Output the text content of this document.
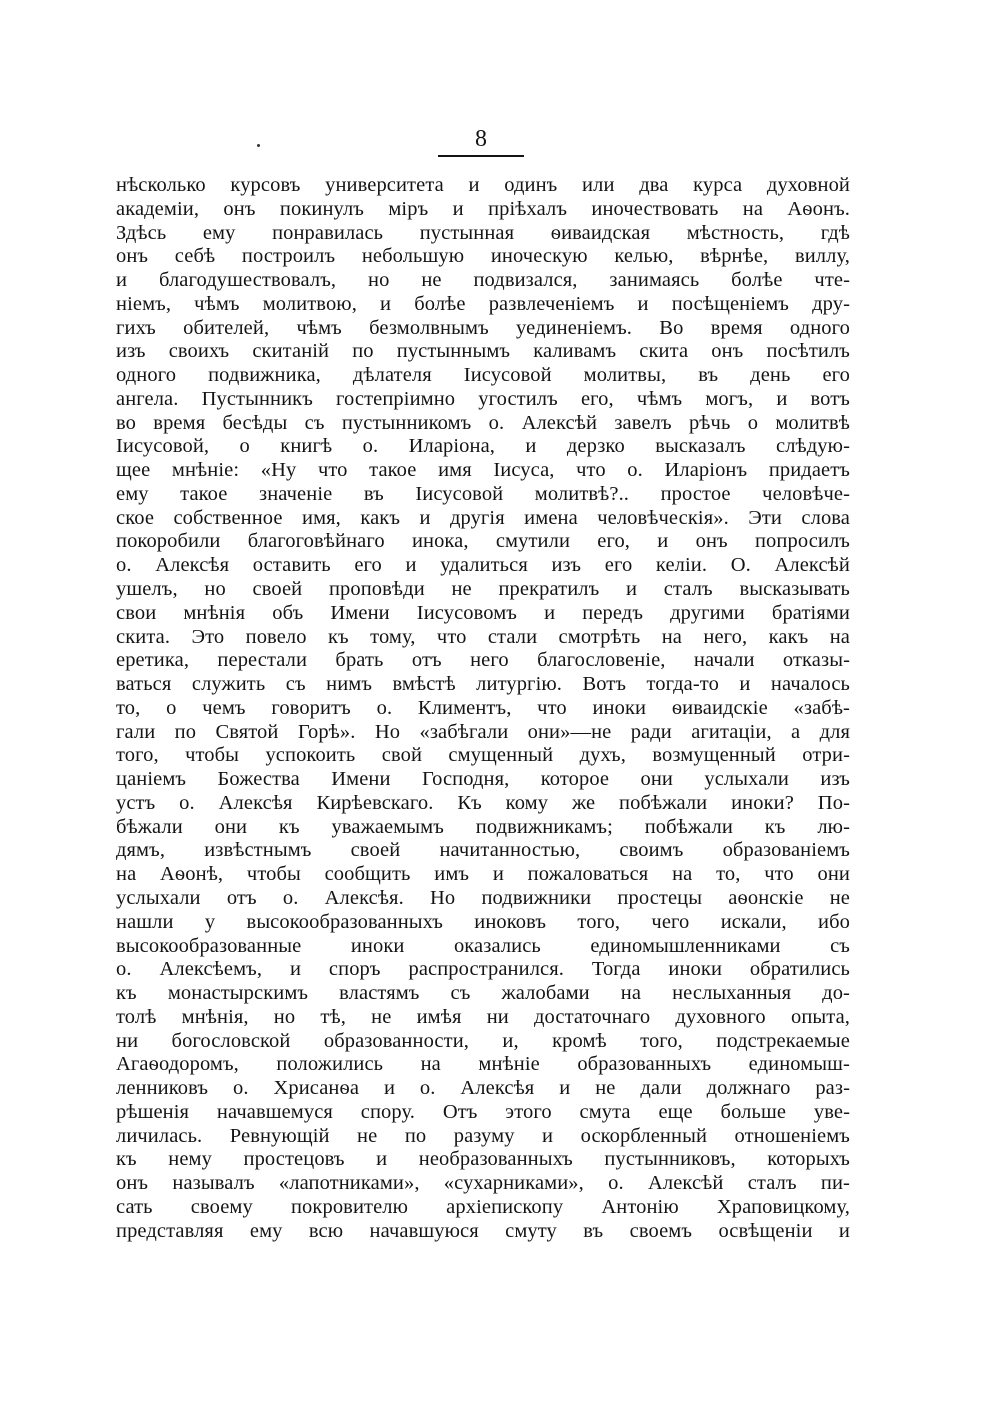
8
нѣсколько курсовъ университета и одинъ или два курса духовной
академіи, онъ покинулъ міръ и пріѣхалъ иночествовать на Аѳонъ.
Здѣсь ему понравилась пустынная ѳиваидская мѣстность, гдѣ
онъ себѣ построилъ небольшую иноческую келью, вѣрнѣе, виллу,
и благодушествовалъ, но не подвизался, занимаясь болѣе чте-
ніемъ, чѣмъ молитвою, и болѣе развлеченіемъ и посѣщеніемъ дру-
гихъ обителей, чѣмъ безмолвнымъ уединеніемъ. Во время одного
изъ своихъ скитаній по пустыннымъ каливамъ скита онъ посѣтилъ
одного подвижника, дѣлателя Іисусовой молитвы, въ день его
ангела. Пустынникъ гостепріимно угостилъ его, чѣмъ могъ, и вотъ
во время бесѣды съ пустынникомъ о. Алексѣй завелъ рѣчь о молитвѣ
Іисусовой, о книгѣ о. Иларіона, и дерзко высказалъ слѣдую-
щее мнѣніе: «Ну что такое имя Іисуса, что о. Иларіонъ придаетъ
ему такое значеніе въ Іисусовой молитвѣ?.. простое человѣче-
ское собственное имя, какъ и другія имена человѣческія». Эти слова
покоробили благоговѣйнаго инока, смутили его, и онъ попросилъ
о. Алексѣя оставить его и удалиться изъ его келіи. О. Алексѣй
ушелъ, но своей проповѣди не прекратилъ и сталъ высказывать
свои мнѣнія объ Имени Іисусовомъ и передъ другими братіями
скита. Это повело къ тому, что стали смотрѣть на него, какъ на
еретика, перестали брать отъ него благословеніе, начали отказы-
ваться служить съ нимъ вмѣстѣ литургію. Вотъ тогда-то и началось
то, о чемъ говоритъ о. Климентъ, что иноки ѳиваидскіе «забѣ-
гали по Святой Горѣ». Но «забѣгали они»—не ради агитаціи, а для
того, чтобы успокоить свой смущенный духъ, возмущенный отри-
цаніемъ Божества Имени Господня, которое они услыхали изъ
устъ о. Алексѣя Кирѣевскаго. Къ кому же побѣжали иноки? По-
бѣжали они къ уважаемымъ подвижникамъ; побѣжали къ лю-
дямъ, извѣстнымъ своей начитанностью, своимъ образованіемъ
на Аѳонѣ, чтобы сообщить имъ и пожаловаться на то, что они
услыхали отъ о. Алексѣя. Но подвижники простецы аѳонскіе не
нашли у высокообразованныхъ иноковъ того, чего искали, ибо
высокообразованные иноки оказались единомышленниками съ
о. Алексѣемъ, и споръ распространился. Тогда иноки обратились
къ монастырскимъ властямъ съ жалобами на неслыханныя до-
толѣ мнѣнія, но тѣ, не имѣя ни достаточнаго духовного опыта,
ни богословской образованности, и, кромѣ того, подстрекаемые
Агаѳодоромъ, положились на мнѣніе образованныхъ единомыш-
ленниковъ о. Хрисанѳа и о. Алексѣя и не дали должнаго раз-
рѣшенія начавшемуся спору. Отъ этого смута еще больше уве-
личилась. Ревнующій не по разуму и оскорбленный отношеніемъ
къ нему простецовъ и необразованныхъ пустынниковъ, которыхъ
онъ называлъ «лапотниками», «сухарниками», о. Алексѣй сталъ пи-
сать своему покровителю архіепископу Антонію Храповицкому,
представляя ему всю начавшуюся смуту въ своемъ освѣщеніи и
